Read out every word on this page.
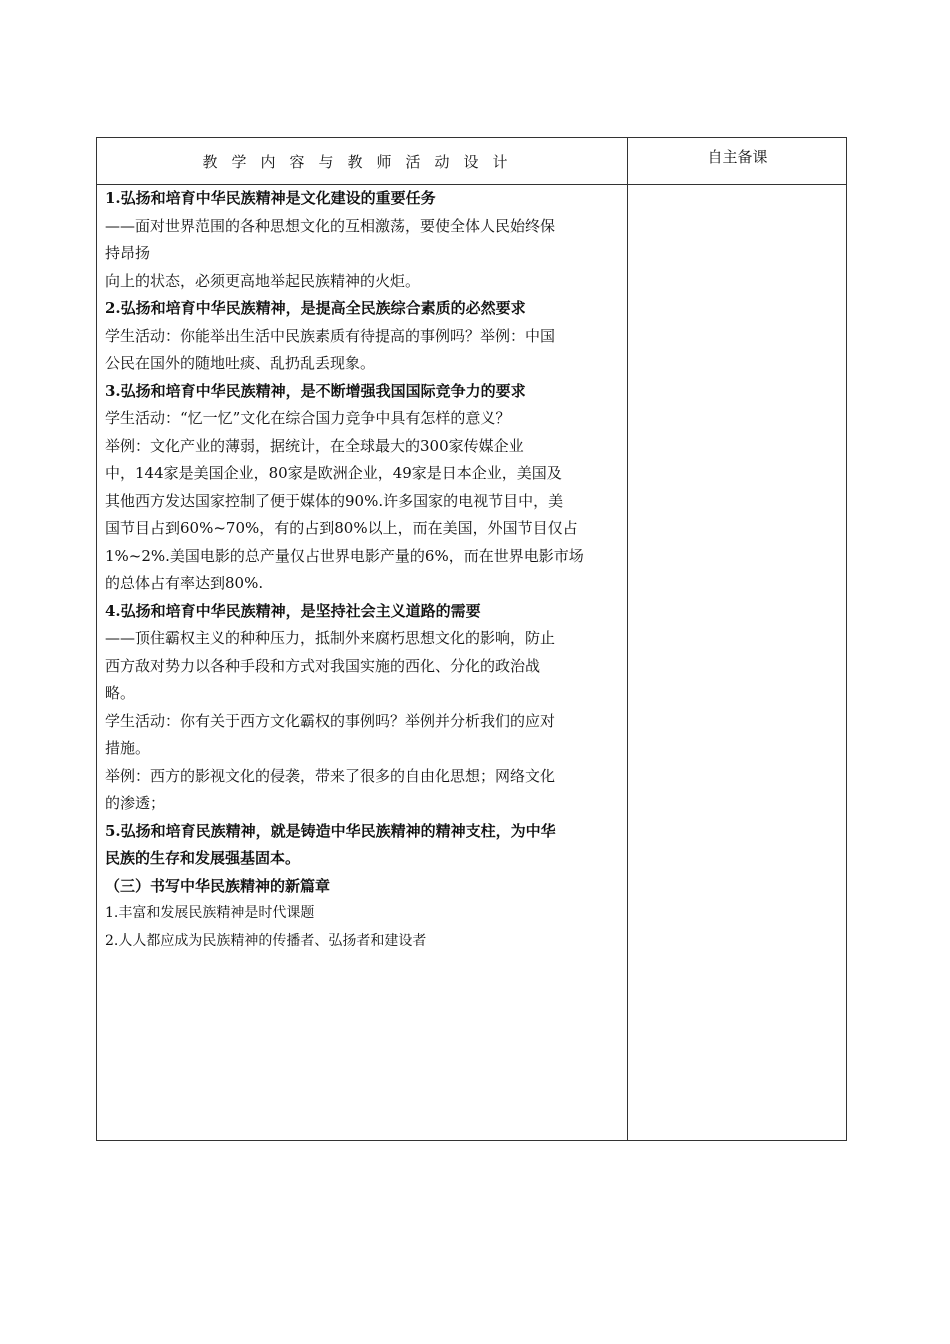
教学内容与教师活动设计	自主备课

1.弘扬和培育中华民族精神是文化建设的重要任务

——面对世界范围的各种思想文化的互相激荡，要使全体人民始终保

持昂扬

向上的状态，必须更高地举起民族精神的火炬。

2.弘扬和培育中华民族精神，是提高全民族综合素质的必然要求

学生活动：你能举出生活中民族素质有待提高的事例吗？举例：中国

公民在国外的随地吐痰、乱扔乱丢现象。

3.弘扬和培育中华民族精神，是不断增强我国国际竞争力的要求

学生活动：“忆一忆”文化在综合国力竞争中具有怎样的意义？

举例：文化产业的薄弱，据统计，在全球最大的300家传媒企业

中，144家是美国企业，80家是欧洲企业，49家是日本企业，美国及

其他西方发达国家控制了便于媒体的90%.许多国家的电视节目中，美

国节目占到60%~70%，有的占到80%以上，而在美国，外国节目仅占

1%~2%.美国电影的总产量仅占世界电影产量的6%，而在世界电影市场

的总体占有率达到80%.

4.弘扬和培育中华民族精神，是坚持社会主义道路的需要

——顶住霸权主义的种种压力，抵制外来腐朽思想文化的影响，防止

西方敌对势力以各种手段和方式对我国实施的西化、分化的政治战

略。

学生活动：你有关于西方文化霸权的事例吗？举例并分析我们的应对

措施。

举例：西方的影视文化的侵袭，带来了很多的自由化思想；网络文化

的渗透；

5.弘扬和培育民族精神，就是铸造中华民族精神的精神支柱，为中华

民族的生存和发展强基固本。

（三）书写中华民族精神的新篇章

1.丰富和发展民族精神是时代课题

2.人人都应成为民族精神的传播者、弘扬者和建设者
